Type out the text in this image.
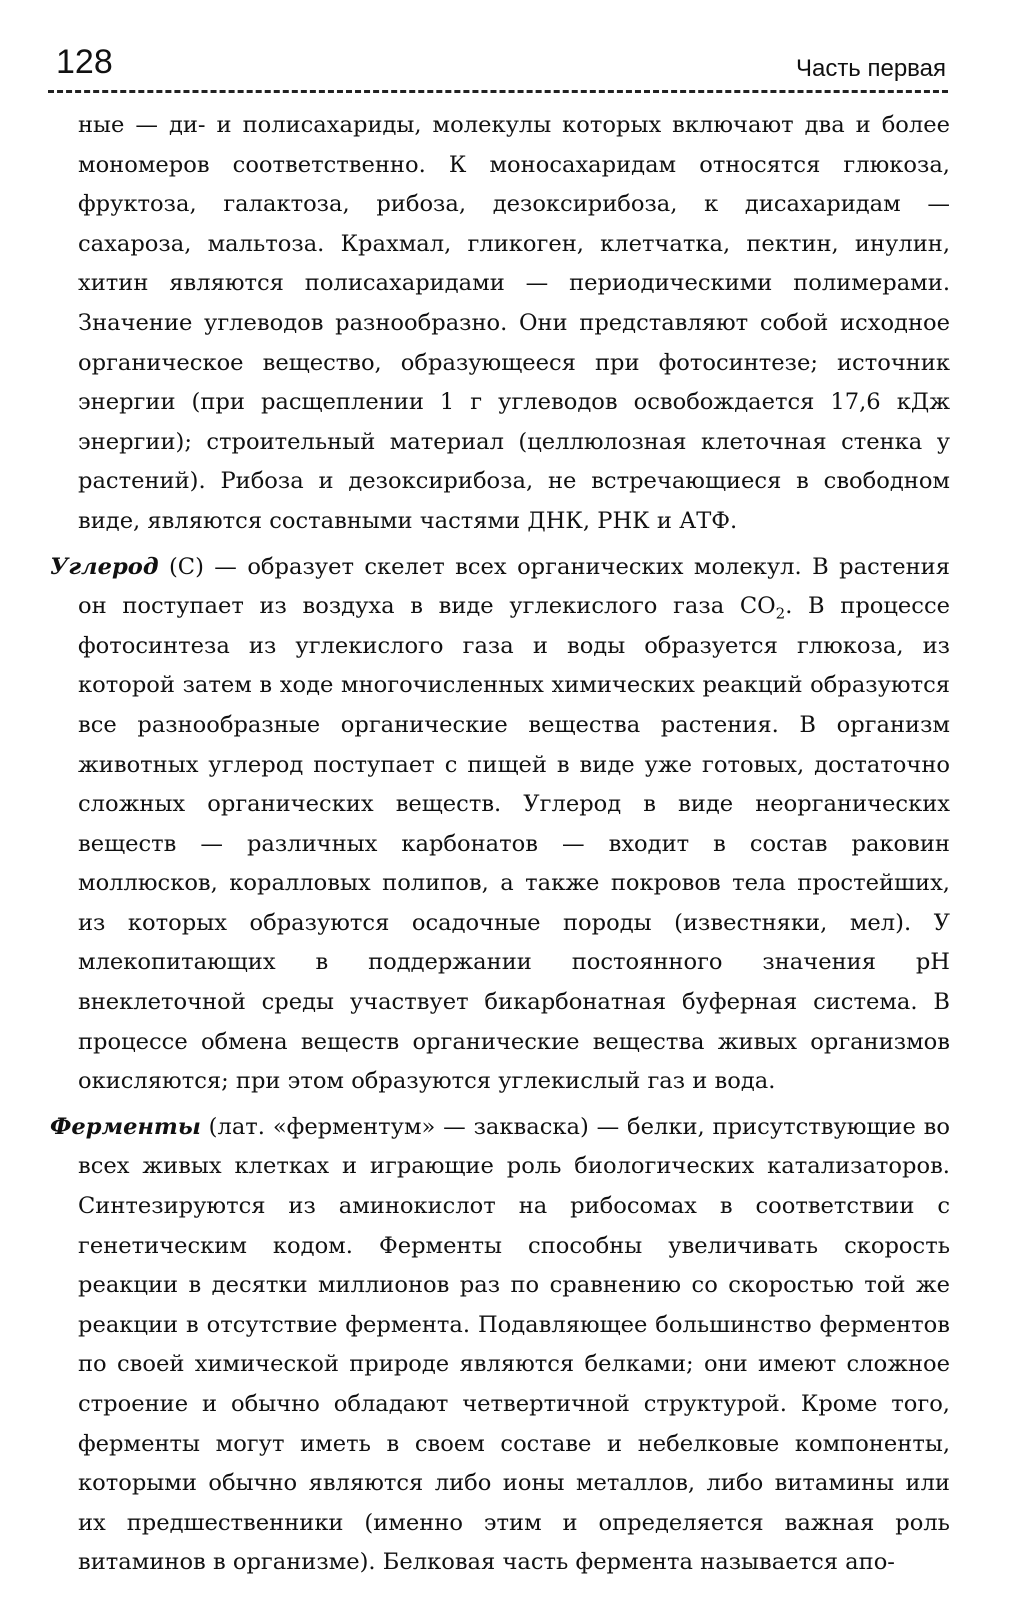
128	Часть первая

ные — ди- и полисахариды, молекулы которых включают два и более мономеров соответственно. К моносахаридам относятся глюкоза, фруктоза, галактоза, рибоза, дезоксирибоза, к дисахаридам — сахароза, мальтоза. Крахмал, гликоген, клетчатка, пектин, инулин, хитин являются полисахаридами — периодическими полимерами. Значение углеводов разнообразно. Они представляют собой исходное органическое вещество, образующееся при фотосинтезе; источник энергии (при расщеплении 1 г углеводов освобождается 17,6 кДж энергии); строительный материал (целлюлозная клеточная стенка у растений). Рибоза и дезоксирибоза, не встречающиеся в свободном виде, являются составными частями ДНК, РНК и АТФ.

Углерод (С) — образует скелет всех органических молекул. В растения он поступает из воздуха в виде углекислого газа $СО_2$. В процессе фотосинтеза из углекислого газа и воды образуется глюкоза, из которой затем в ходе многочисленных химических реакций образуются все разнообразные органические вещества растения. В организм животных углерод поступает с пищей в виде уже готовых, достаточно сложных органических веществ. Углерод в виде неорганических веществ — различных карбонатов — входит в состав раковин моллюсков, коралловых полипов, а также покровов тела простейших, из которых образуются осадочные породы (известняки, мел). У млекопитающих в поддержании постоянного значения рН внеклеточной среды участвует бикарбонатная буферная система. В процессе обмена веществ органические вещества живых организмов окисляются; при этом образуются углекислый газ и вода.

Ферменты (лат. «ферментум» — закваска) — белки, присутствующие во всех живых клетках и играющие роль биологических катализаторов. Синтезируются из аминокислот на рибосомах в соответствии с генетическим кодом. Ферменты способны увеличивать скорость реакции в десятки миллионов раз по сравнению со скоростью той же реакции в отсутствие фермента. Подавляющее большинство ферментов по своей химической природе являются белками; они имеют сложное строение и обычно обладают четвертичной структурой. Кроме того, ферменты могут иметь в своем составе и небелковые компоненты, которыми обычно являются либо ионы металлов, либо витамины или их предшественники (именно этим и определяется важная роль витаминов в организме). Белковая часть фермента называется апо-
